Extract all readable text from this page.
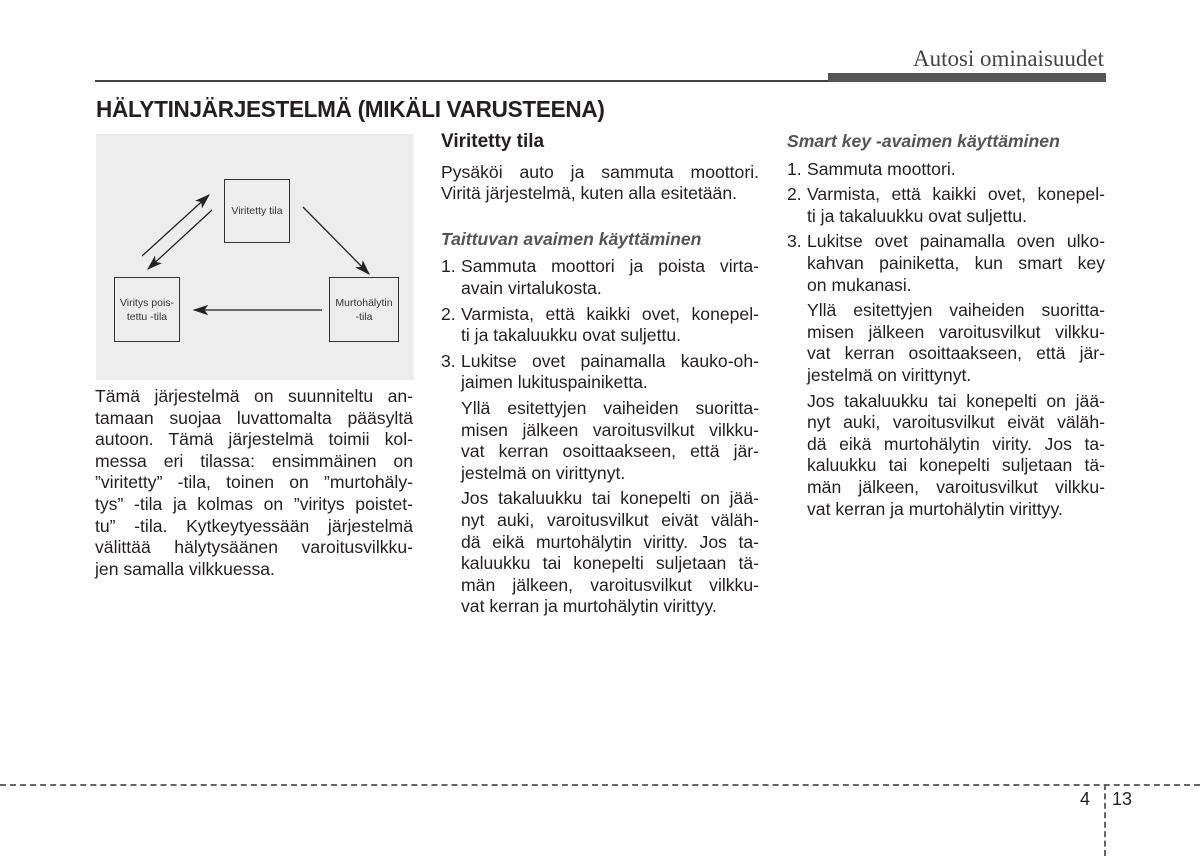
Autosi ominaisuudet
HÄLYTINJÄRJESTELMÄ (MIKÄLI VARUSTEENA)
Viritetty tila
Viritys pois-
tettu -tila
Murtohälytin
-tila
Tämä järjestelmä on suunniteltu an-
tamaan suojaa luvattomalta pääsyltä
autoon. Tämä järjestelmä toimii kol-
messa eri tilassa: ensimmäinen on
”viritetty” -tila, toinen on ”murtohäly-
tys” -tila ja kolmas on ”viritys poistet-
tu” -tila. Kytkeytyessään järjestelmä
välittää hälytysäänen varoitusvilkku-
jen samalla vilkkuessa.
Viritetty tila
Pysäköi auto ja sammuta moottori.
Viritä järjestelmä, kuten alla esitetään.
Taittuvan avaimen käyttäminen
1. Sammuta moottori ja poista virta-
avain virtalukosta.
2. Varmista, että kaikki ovet, konepel-
ti ja takaluukku ovat suljettu.
3. Lukitse ovet painamalla kauko-oh-
jaimen lukituspainiketta.
Yllä esitettyjen vaiheiden suoritta-
misen jälkeen varoitusvilkut vilkku-
vat kerran osoittaakseen, että jär-
jestelmä on virittynyt.
Jos takaluukku tai konepelti on jää-
nyt auki, varoitusvilkut eivät väläh-
dä eikä murtohälytin viritty. Jos ta-
kaluukku tai konepelti suljetaan tä-
män jälkeen, varoitusvilkut vilkku-
vat kerran ja murtohälytin virittyy.
Smart key -avaimen käyttäminen
1. Sammuta moottori.
2. Varmista, että kaikki ovet, konepel-
ti ja takaluukku ovat suljettu.
3. Lukitse ovet painamalla oven ulko-
kahvan painiketta, kun smart key
on mukanasi.
Yllä esitettyjen vaiheiden suoritta-
misen jälkeen varoitusvilkut vilkku-
vat kerran osoittaakseen, että jär-
jestelmä on virittynyt.
Jos takaluukku tai konepelti on jää-
nyt auki, varoitusvilkut eivät väläh-
dä eikä murtohälytin virity. Jos ta-
kaluukku tai konepelti suljetaan tä-
män jälkeen, varoitusvilkut vilkku-
vat kerran ja murtohälytin virittyy.
4 13
